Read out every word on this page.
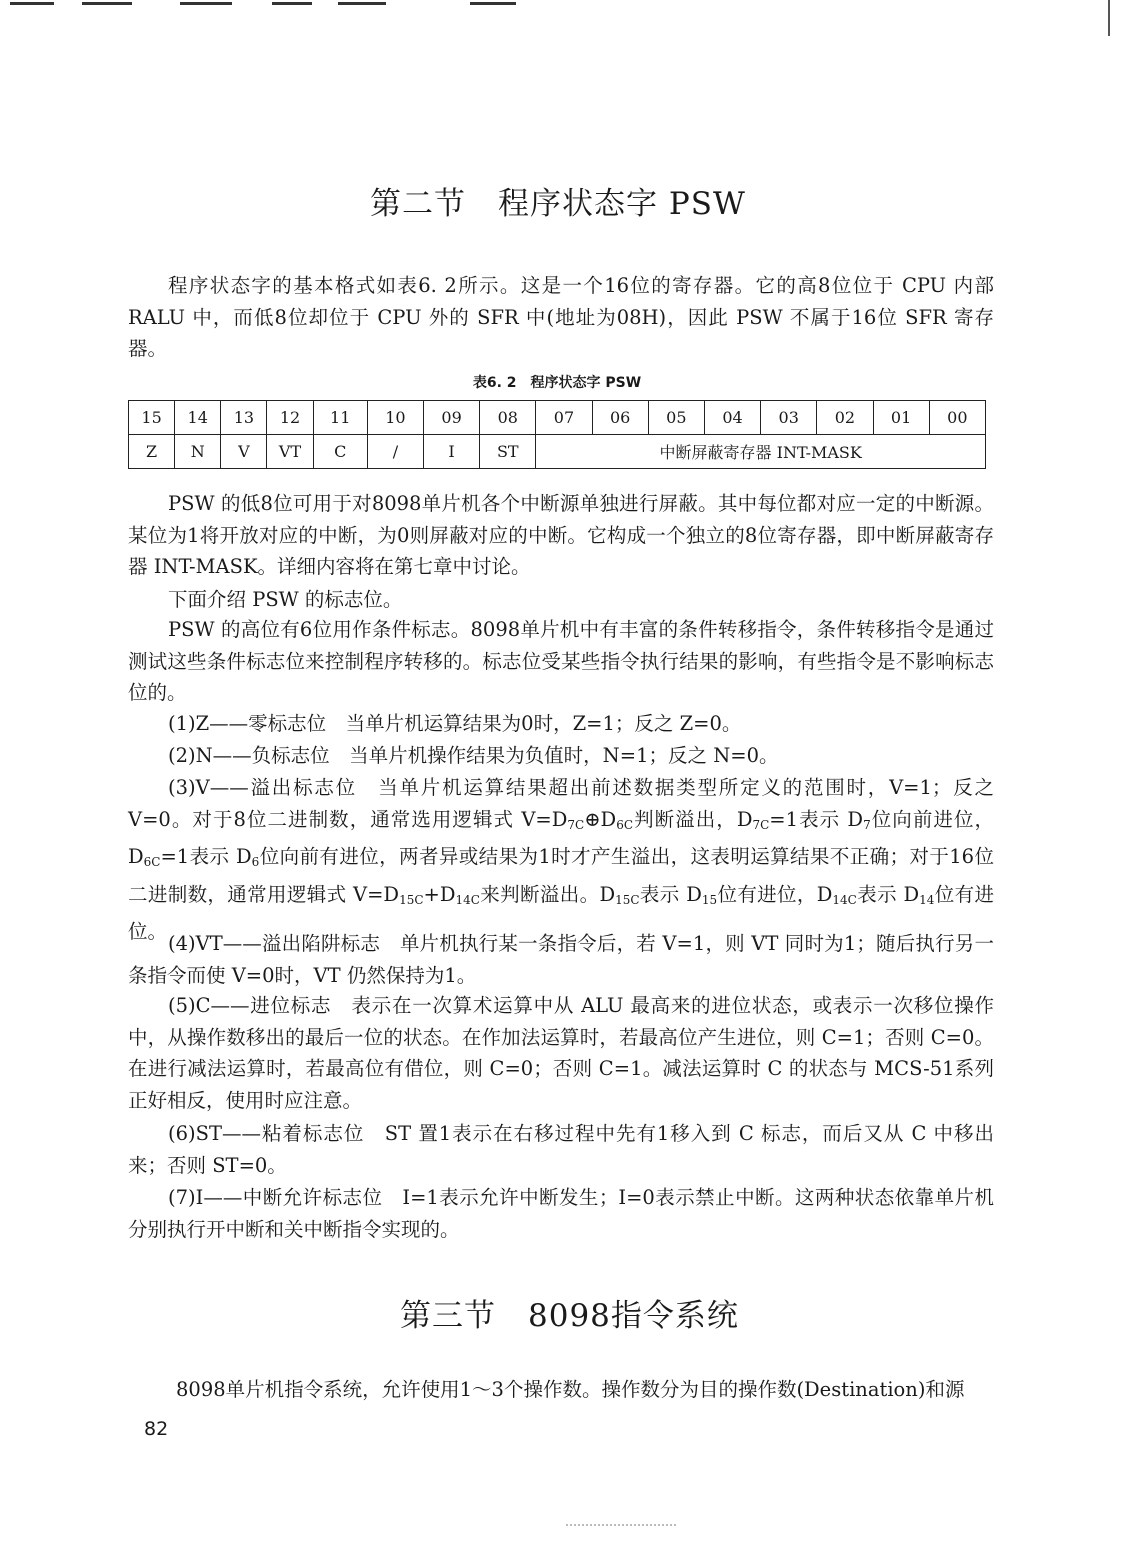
第二节　程序状态字 PSW

程序状态字的基本格式如表6. 2所示。这是一个16位的寄存器。它的高8位位于 CPU 内部 RALU 中，而低8位却位于 CPU 外的 SFR 中(地址为08H)，因此 PSW 不属于16位 SFR 寄存器。

表6. 2　程序状态字 PSW
15	14	13	12	11	10	09	08	07	06	05	04	03	02	01	00
Z	N	V	VT	C	/	I	ST	中断屏蔽寄存器 INT-MASK							

PSW 的低8位可用于对8098单片机各个中断源单独进行屏蔽。其中每位都对应一定的中断源。某位为1将开放对应的中断，为0则屏蔽对应的中断。它构成一个独立的8位寄存器，即中断屏蔽寄存器 INT-MASK。详细内容将在第七章中讨论。

下面介绍 PSW 的标志位。

PSW 的高位有6位用作条件标志。8098单片机中有丰富的条件转移指令，条件转移指令是通过测试这些条件标志位来控制程序转移的。标志位受某些指令执行结果的影响，有些指令是不影响标志位的。

(1)Z——零标志位　当单片机运算结果为0时，Z=1；反之 Z=0。

(2)N——负标志位　当单片机操作结果为负值时，N=1；反之 N=0。

(3)V——溢出标志位　当单片机运算结果超出前述数据类型所定义的范围时，V=1；反之 V=0。对于8位二进制数，通常选用逻辑式 $V=D_{7C}\oplus D_{6C}$判断溢出，$D_{7C}=1$表示 $D_7$位向前进位，$D_{6C}=1$表示 $D_6$位向前有进位，两者异或结果为1时才产生溢出，这表明运算结果不正确；对于16位二进制数，通常用逻辑式 $V=D_{15C}+D_{14C}$来判断溢出。$D_{15C}$表示 $D_{15}$位有进位，$D_{14C}$表示 $D_{14}$位有进位。

(4)VT——溢出陷阱标志　单片机执行某一条指令后，若 V=1，则 VT 同时为1；随后执行另一条指令而使 V=0时，VT 仍然保持为1。

(5)C——进位标志　表示在一次算术运算中从 ALU 最高来的进位状态，或表示一次移位操作中，从操作数移出的最后一位的状态。在作加法运算时，若最高位产生进位，则 C=1；否则 C=0。在进行减法运算时，若最高位有借位，则 C=0；否则 C=1。减法运算时 C 的状态与 MCS-51系列正好相反，使用时应注意。

(6)ST——粘着标志位　ST 置1表示在右移过程中先有1移入到 C 标志，而后又从 C 中移出来；否则 ST=0。

(7)I——中断允许标志位　I=1表示允许中断发生；I=0表示禁止中断。这两种状态依靠单片机分别执行开中断和关中断指令实现的。

第三节　8098指令系统

8098单片机指令系统，允许使用1～3个操作数。操作数分为目的操作数(Destination)和源

82
